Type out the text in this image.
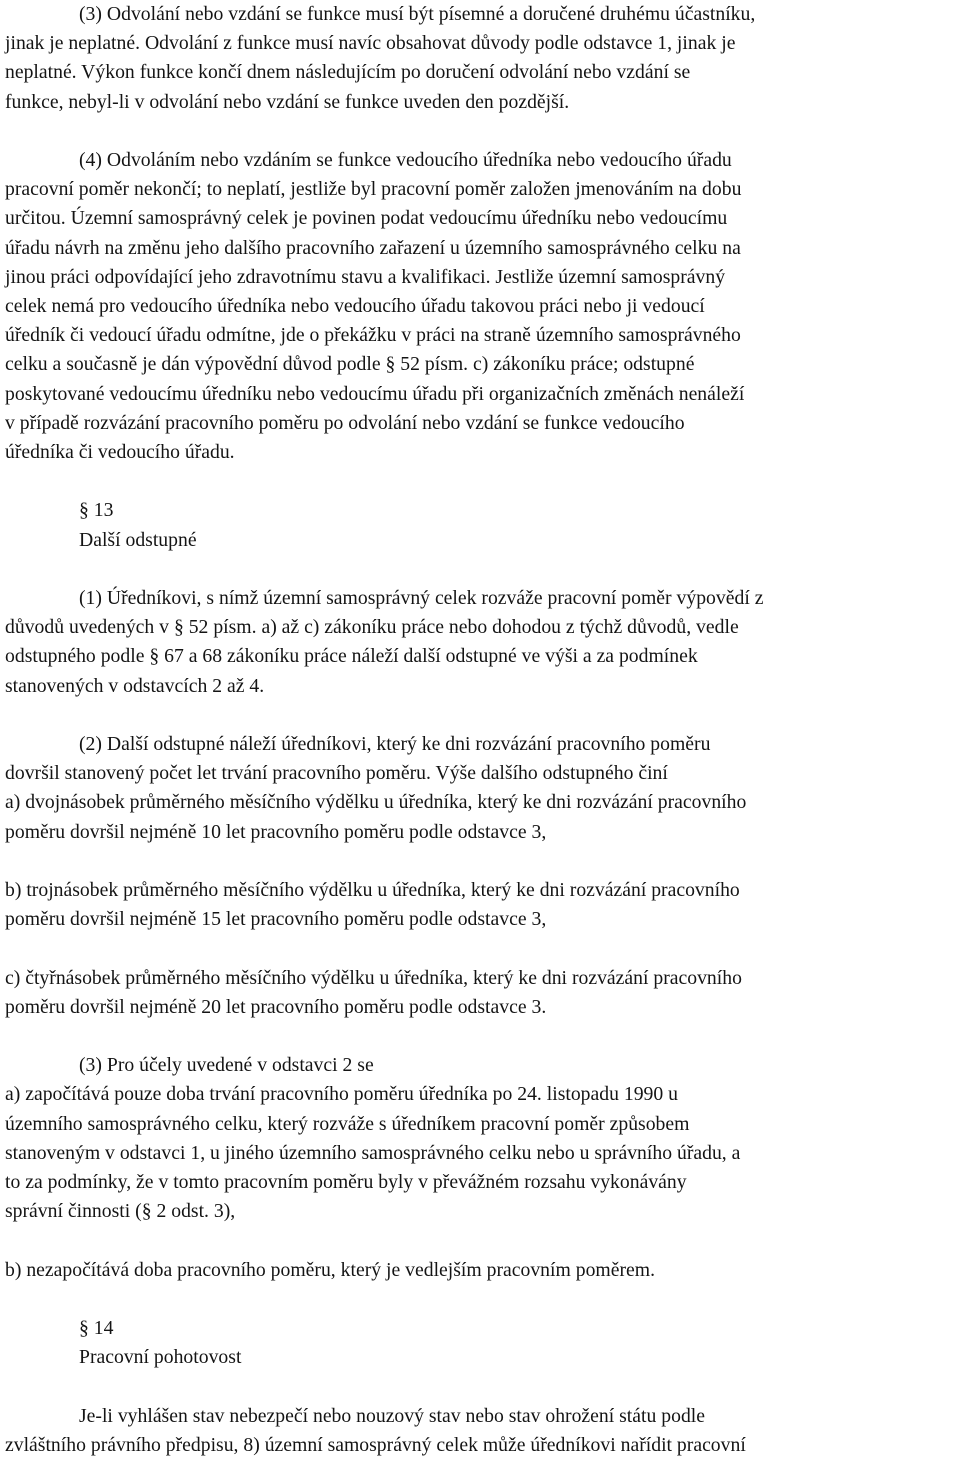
(3) Odvolání nebo vzdání se funkce musí být písemné a doručené druhému účastníku,

jinak je neplatné. Odvolání z funkce musí navíc obsahovat důvody podle odstavce 1, jinak je

neplatné. Výkon funkce končí dnem následujícím po doručení odvolání nebo vzdání se

funkce, nebyl-li v odvolání nebo vzdání se funkce uveden den pozdější.

(4) Odvoláním nebo vzdáním se funkce vedoucího úředníka nebo vedoucího úřadu

pracovní poměr nekončí; to neplatí, jestliže byl pracovní poměr založen jmenováním na dobu

určitou. Územní samosprávný celek je povinen podat vedoucímu úředníku nebo vedoucímu

úřadu návrh na změnu jeho dalšího pracovního zařazení u územního samosprávného celku na

jinou práci odpovídající jeho zdravotnímu stavu a kvalifikaci. Jestliže územní samosprávný

celek nemá pro vedoucího úředníka nebo vedoucího úřadu takovou práci nebo ji vedoucí

úředník či vedoucí úřadu odmítne, jde o překážku v práci na straně územního samosprávného

celku a současně je dán výpovědní důvod podle § 52 písm. c) zákoníku práce; odstupné

poskytované vedoucímu úředníku nebo vedoucímu úřadu při organizačních změnách nenáleží

v případě rozvázání pracovního poměru po odvolání nebo vzdání se funkce vedoucího

úředníka či vedoucího úřadu.

§ 13

Další odstupné

(1) Úředníkovi, s nímž územní samosprávný celek rozváže pracovní poměr výpovědí z

důvodů uvedených v § 52 písm. a) až c) zákoníku práce nebo dohodou z týchž důvodů, vedle

odstupného podle § 67 a 68 zákoníku práce náleží další odstupné ve výši a za podmínek

stanovených v odstavcích 2 až 4.

(2) Další odstupné náleží úředníkovi, který ke dni rozvázání pracovního poměru

dovršil stanovený počet let trvání pracovního poměru. Výše dalšího odstupného činí

a) dvojnásobek průměrného měsíčního výdělku u úředníka, který ke dni rozvázání pracovního

poměru dovršil nejméně 10 let pracovního poměru podle odstavce 3,

b) trojnásobek průměrného měsíčního výdělku u úředníka, který ke dni rozvázání pracovního

poměru dovršil nejméně 15 let pracovního poměru podle odstavce 3,

c) čtyřnásobek průměrného měsíčního výdělku u úředníka, který ke dni rozvázání pracovního

poměru dovršil nejméně 20 let pracovního poměru podle odstavce 3.

(3) Pro účely uvedené v odstavci 2 se

a) započítává pouze doba trvání pracovního poměru úředníka po 24. listopadu 1990 u

územního samosprávného celku, který rozváže s úředníkem pracovní poměr způsobem

stanoveným v odstavci 1, u jiného územního samosprávného celku nebo u správního úřadu, a

to za podmínky, že v tomto pracovním poměru byly v převážném rozsahu vykonávány

správní činnosti (§ 2 odst. 3),

b) nezapočítává doba pracovního poměru, který je vedlejším pracovním poměrem.

§ 14

Pracovní pohotovost

Je-li vyhlášen stav nebezpečí nebo nouzový stav nebo stav ohrožení státu podle

zvláštního právního předpisu, 8) územní samosprávný celek může úředníkovi nařídit pracovní
